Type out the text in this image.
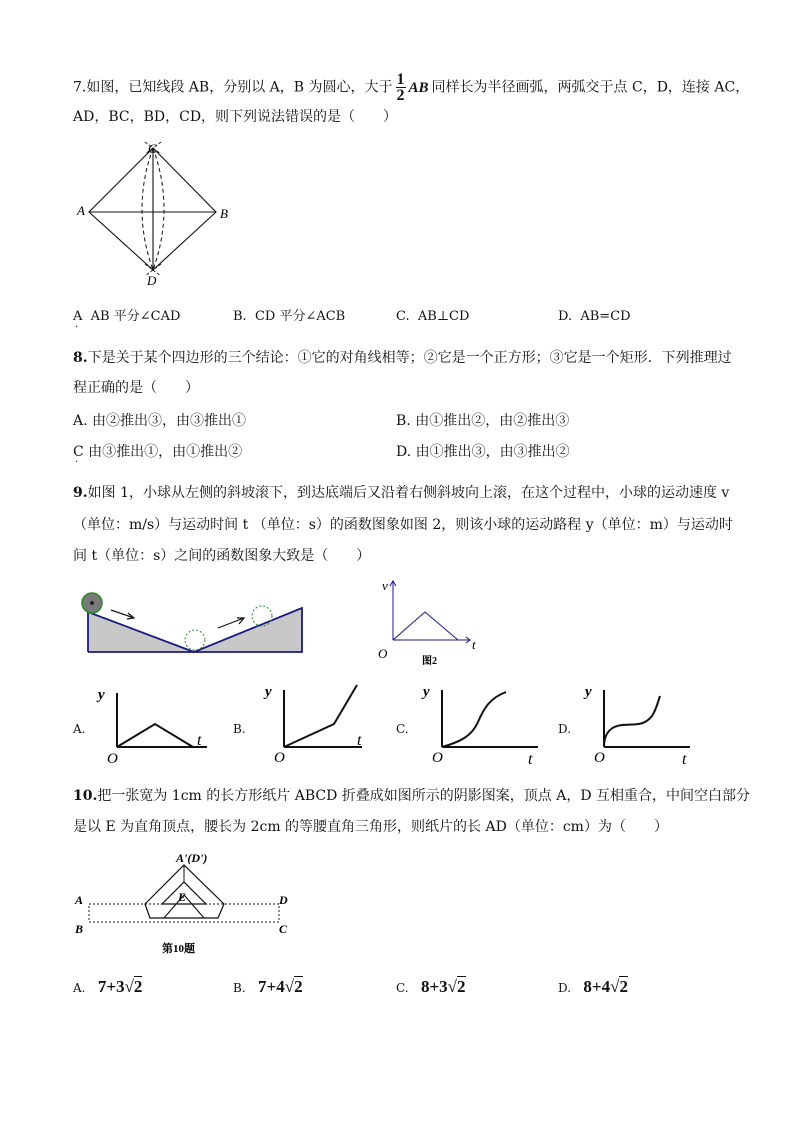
7.如图，已知线段 AB，分别以 A，B 为圆心，大于 $\frac{1}{2}$ AB 同样长为半径画弧，两弧交于点 C，D，连接 AC，
AD，BC，BD，CD，则下列说法错误的是（　　）
A	B
C
D
A AB 平分∠CAD
·
B. CD 平分∠ACB	C. AB⊥CD	D. AB=CD
8.下是关于某个四边形的三个结论：①它的对角线相等；②它是一个正方形；③它是一个矩形．下列推理过
程正确的是（　　）
A. 由②推出③，由③推出①	B. 由①推出②，由②推出③
C 由③推出①，由①推出②
·
D. 由①推出③，由③推出②
9.如图 1，小球从左侧的斜坡滚下，到达底端后又沿着右侧斜坡向上滚，在这个过程中，小球的运动速度 v
（单位：m/s）与运动时间 t （单位：s）的函数图象如图 2，则该小球的运动路程 y（单位：m）与运动时
间 t（单位：s）之间的函数图象大致是（　　）
v
t
O
图2
A.
y
t
O
B.
y
t
O
C.
y
t
O
D.
y
t
O
10.把一张宽为 1cm 的长方形纸片 ABCD 折叠成如图所示的阴影图案，顶点 A，D 互相重合，中间空白部分
是以 E 为直角顶点，腰长为 2cm 的等腰直角三角形，则纸片的长 AD（单位：cm）为（　　）
A'(D')
E
A	D
B	C
第10题
A. 7+3√2	B. 7+4√2	C. 8+3√2	D. 8+4√2
